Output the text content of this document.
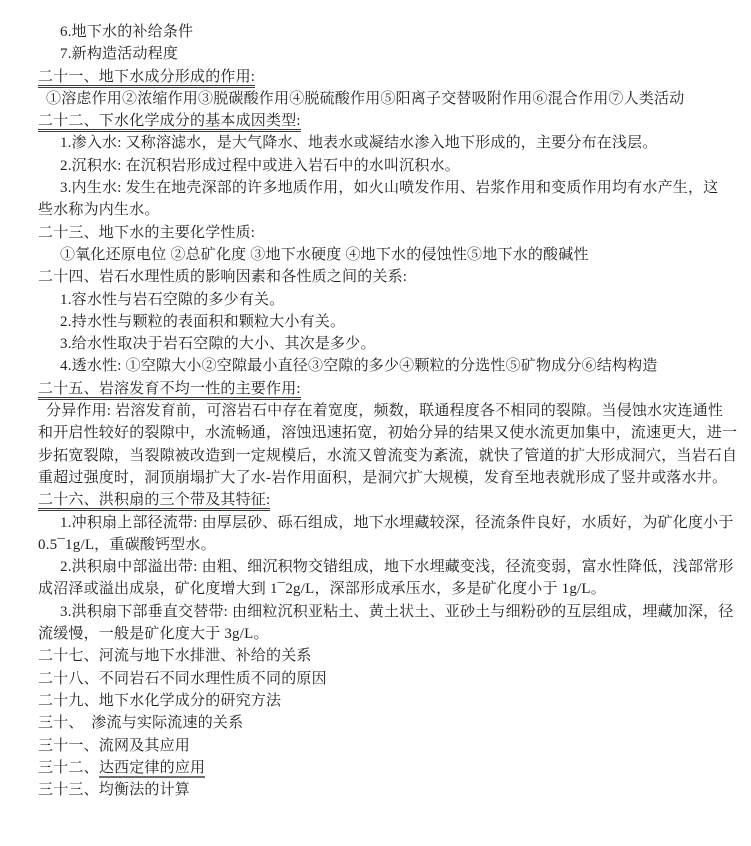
6.地下水的补给条件
7.新构造活动程度
二十一、地下水成分形成的作用:
①溶虑作用②浓缩作用③脱碳酸作用④脱硫酸作用⑤阳离子交替吸附作用⑥混合作用⑦人类活动
二十二、下水化学成分的基本成因类型:
1.渗入水: 又称溶滤水，是大气降水、地表水或凝结水渗入地下形成的，主要分布在浅层。
2.沉积水: 在沉积岩形成过程中或进入岩石中的水叫沉积水。
3.内生水: 发生在地壳深部的许多地质作用，如火山喷发作用、岩浆作用和变质作用均有水产生，这
些水称为内生水。
二十三、地下水的主要化学性质:
①氧化还原电位 ②总矿化度 ③地下水硬度 ④地下水的侵蚀性⑤地下水的酸碱性
二十四、岩石水理性质的影响因素和各性质之间的关系:
1.容水性与岩石空隙的多少有关。
2.持水性与颗粒的表面积和颗粒大小有关。
3.给水性取决于岩石空隙的大小、其次是多少。
4.透水性: ①空隙大小②空隙最小直径③空隙的多少④颗粒的分选性⑤矿物成分⑥结构构造
二十五、岩溶发育不均一性的主要作用:
分异作用: 岩溶发育前，可溶岩石中存在着宽度，频数，联通程度各不相同的裂隙。当侵蚀水灾连通性
和开启性较好的裂隙中，水流畅通，溶蚀迅速拓宽，初始分异的结果又使水流更加集中，流速更大，进一
步拓宽裂隙，当裂隙被改造到一定规模后，水流又曾流变为紊流，就快了管道的扩大形成洞穴，当岩石自
重超过强度时，洞顶崩塌扩大了水-岩作用面积，是洞穴扩大规模，发育至地表就形成了竖井或落水井。
二十六、洪积扇的三个带及其特征:
1.冲积扇上部径流带: 由厚层砂、砾石组成，地下水埋藏较深，径流条件良好，水质好，为矿化度小于
0.5¯1g/L，重碳酸钙型水。
2.洪积扇中部溢出带: 由粗、细沉积物交错组成，地下水埋藏变浅，径流变弱，富水性降低，浅部常形
成沼泽或溢出成泉，矿化度增大到 1¯2g/L，深部形成承压水，多是矿化度小于 1g/L。
3.洪积扇下部垂直交替带: 由细粒沉积亚粘土、黄土状土、亚砂土与细粉砂的互层组成，埋藏加深，径
流缓慢，一般是矿化度大于 3g/L。
二十七、河流与地下水排泄、补给的关系
二十八、不同岩石不同水理性质不同的原因
二十九、地下水化学成分的研究方法
三十、　渗流与实际流速的关系
三十一、流网及其应用
三十二、达西定律的应用
三十三、均衡法的计算
